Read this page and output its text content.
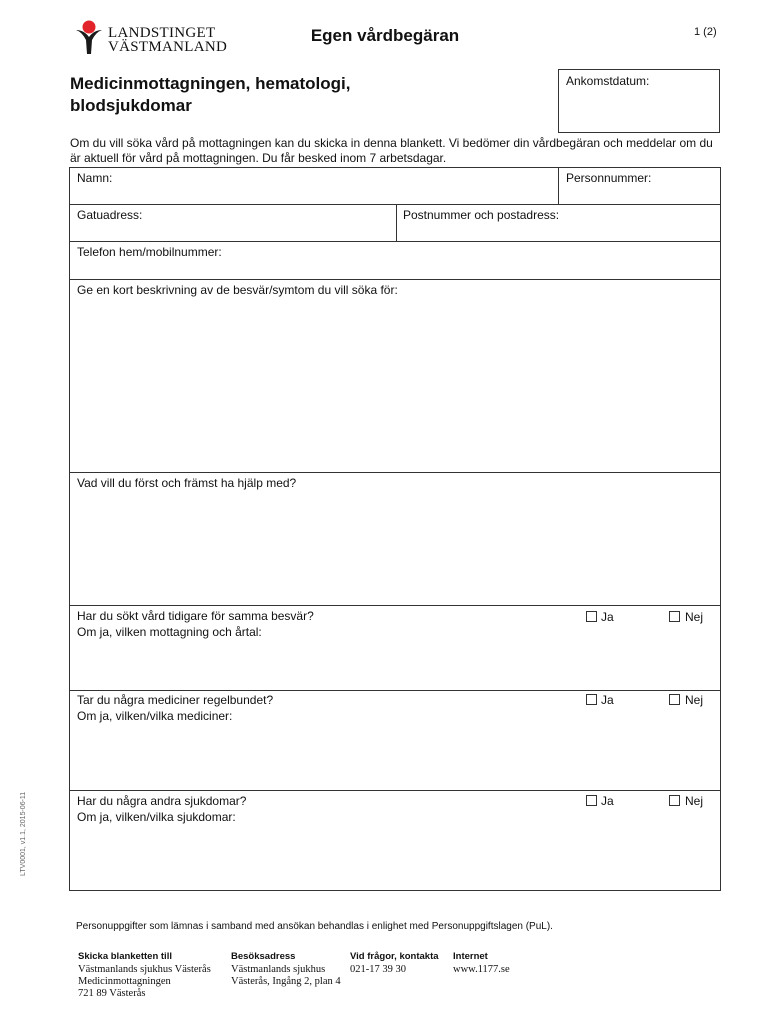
LANDSTINGET
VÄSTMANLAND
Egen vårdbegäran	1 (2)
Medicinmottagningen, hematologi,
blodsjukdomar
Ankomstdatum:
Om du vill söka vård på mottagningen kan du skicka in denna blankett. Vi bedömer din vårdbegäran och meddelar om du är aktuell för vård på mottagningen. Du får besked inom 7 arbetsdagar.
Namn:	Personnummer:
Gatuadress:	Postnummer och postadress:
Telefon hem/mobilnummer:
Ge en kort beskrivning av de besvär/symtom du vill söka för:
Vad vill du först och främst ha hjälp med?
Har du sökt vård tidigare för samma besvär?
Om ja, vilken mottagning och årtal:
Ja	Nej
Tar du några mediciner regelbundet?
Om ja, vilken/vilka mediciner:
Ja	Nej
Har du några andra sjukdomar?
Om ja, vilken/vilka sjukdomar:
Ja	Nej
LTV0001, v1.1, 2015-06-11
Personuppgifter som lämnas i samband med ansökan behandlas i enlighet med Personuppgiftslagen (PuL).
Skicka blanketten till
Västmanlands sjukhus Västerås
Medicinmottagningen
721 89 Västerås
Besöksadress
Västmanlands sjukhus
Västerås, Ingång 2, plan 4
Vid frågor, kontakta
021-17 39 30
Internet
www.1177.se
